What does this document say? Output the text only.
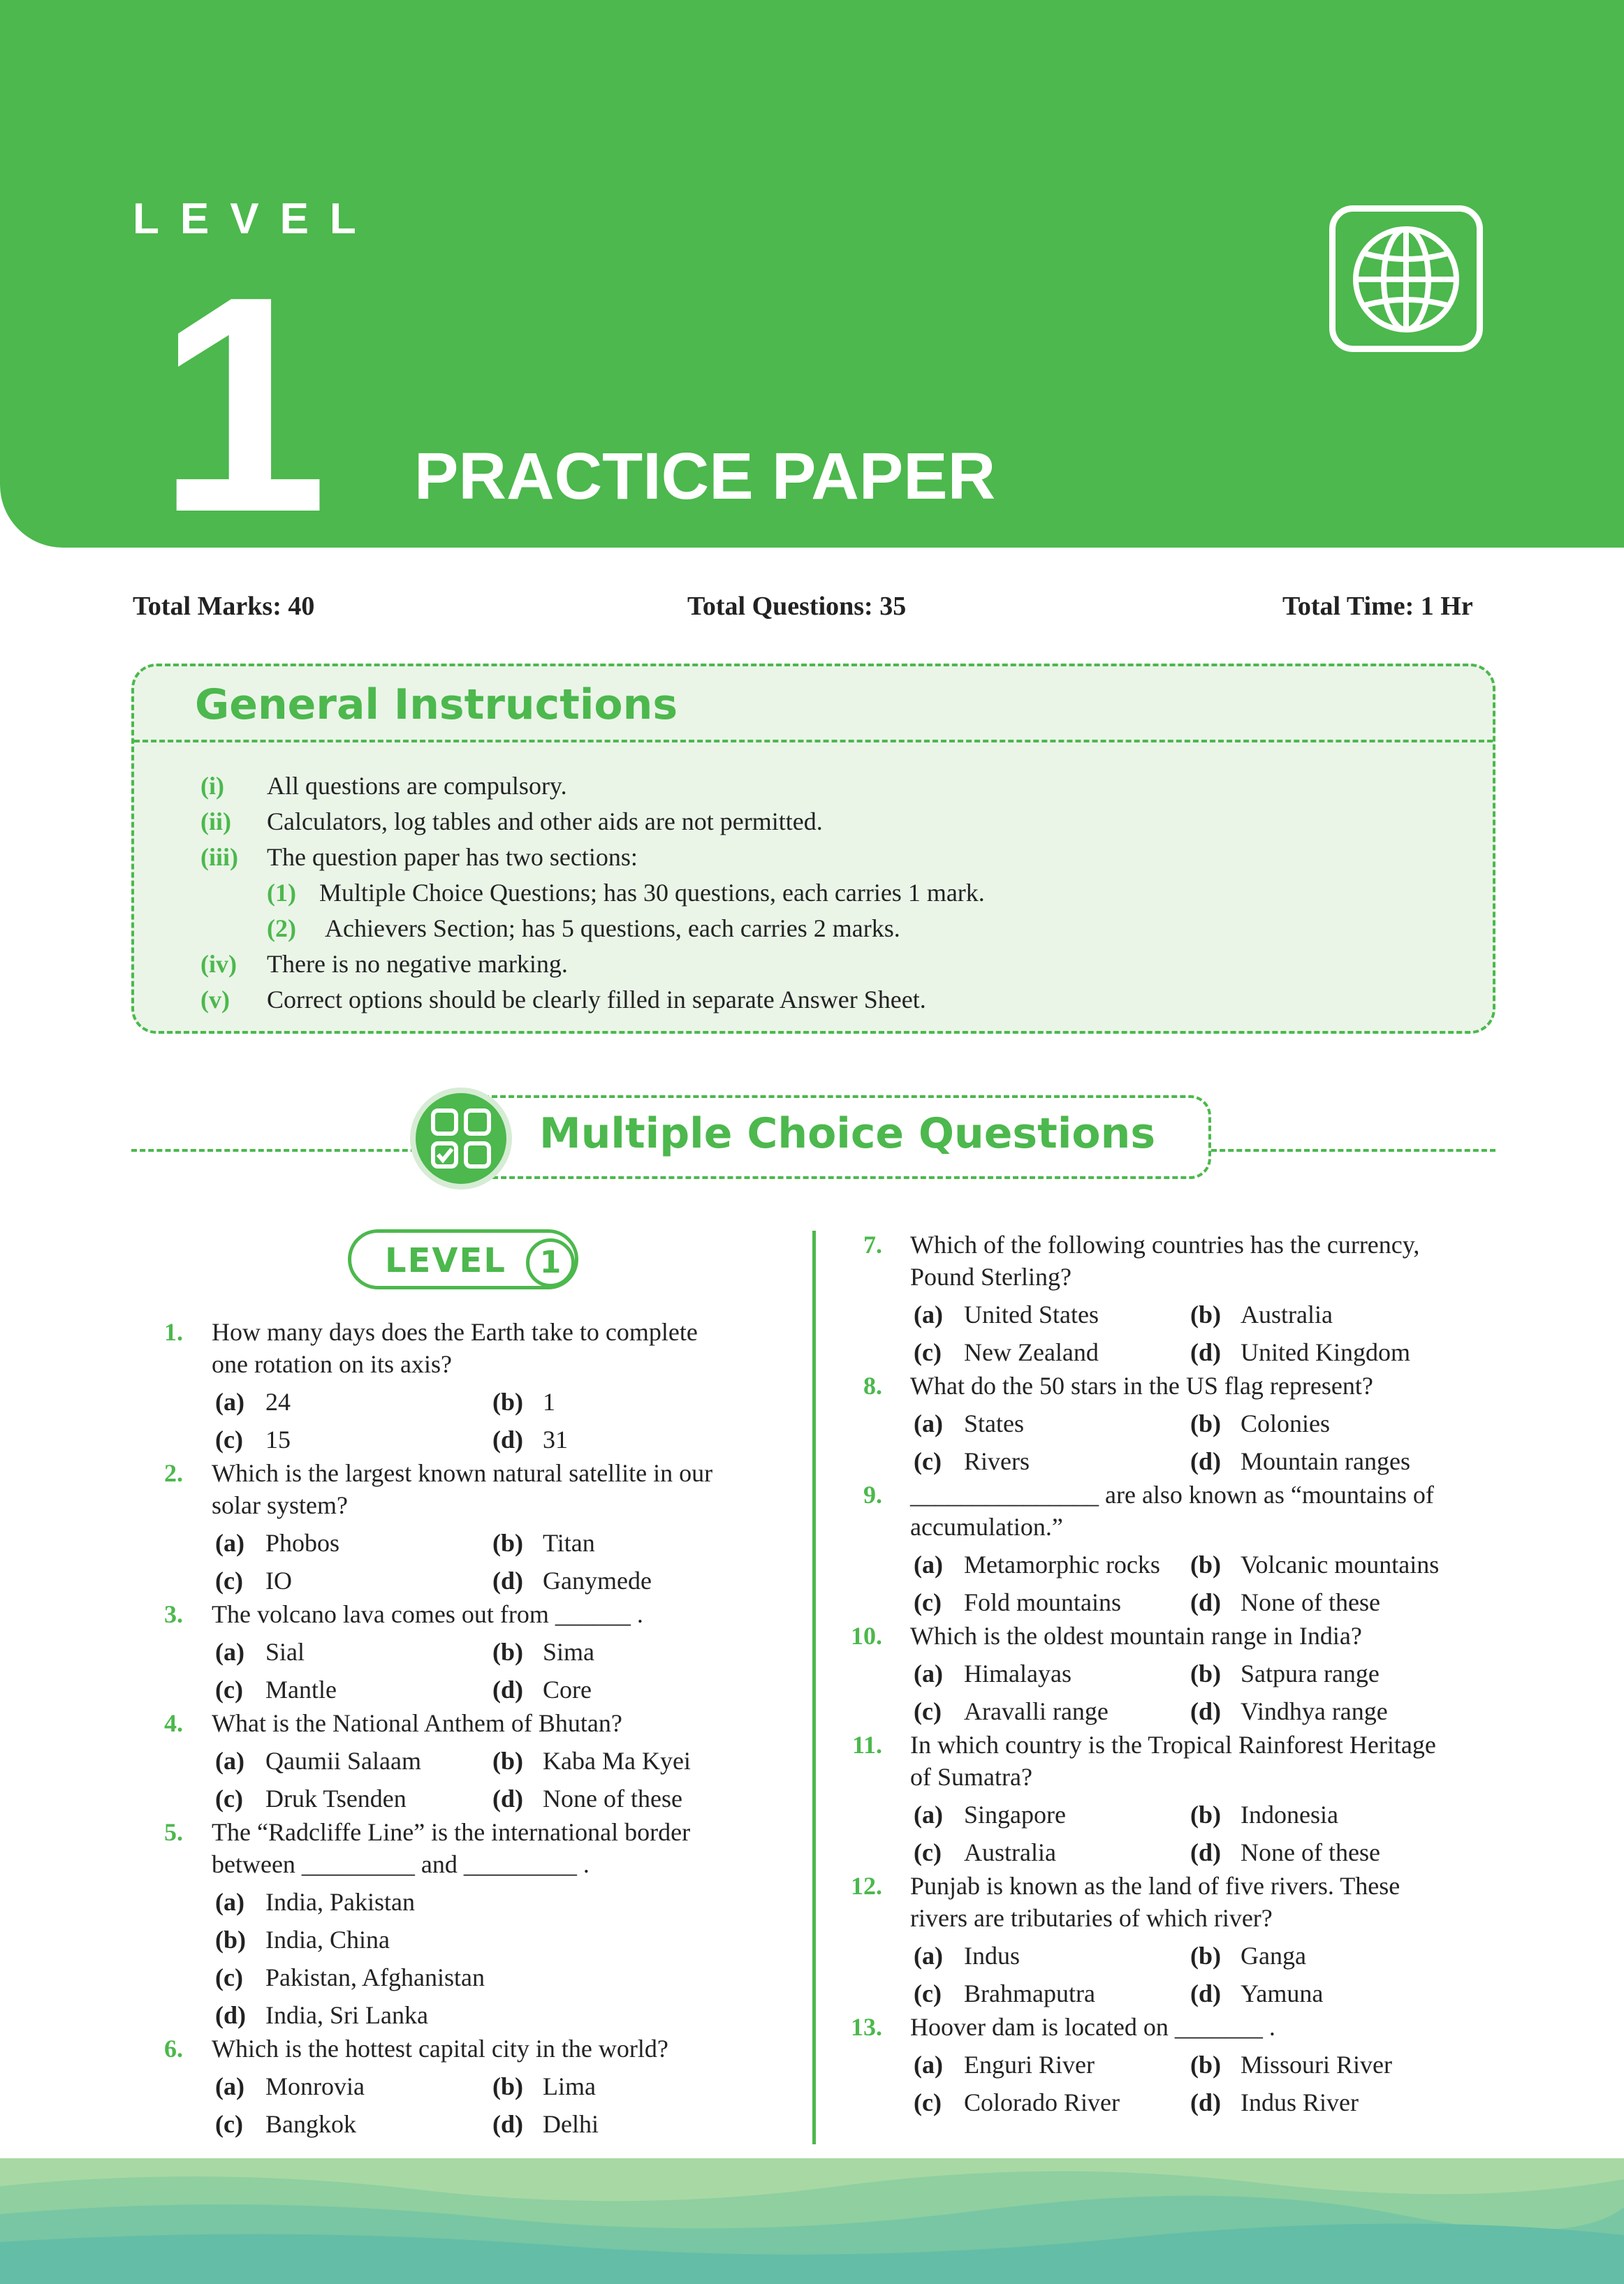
LEVEL
1 PRACTICE PAPER
Total Marks: 40	Total Questions: 35	Total Time: 1 Hr
General Instructions
(i) All questions are compulsory.
(ii) Calculators, log tables and other aids are not permitted.
(iii) The question paper has two sections:
(1) Multiple Choice Questions; has 30 questions, each carries 1 mark.
(2) Achievers Section; has 5 questions, each carries 2 marks.
(iv) There is no negative marking.
(v) Correct options should be clearly filled in separate Answer Sheet.
Multiple Choice Questions
LEVEL	1
1. How many days does the Earth take to complete
one rotation on its axis?
(a) 24	(b) 1
(c) 15	(d) 31
2. Which is the largest known natural satellite in our
solar system?
(a) Phobos	(b) Titan
(c) IO	(d) Ganymede
3. The volcano lava comes out from ______ .
(a) Sial	(b) Sima
(c) Mantle	(d) Core
4. What is the National Anthem of Bhutan?
(a) Qaumii Salaam	(b) Kaba Ma Kyei
(c) Druk Tsenden	(d) None of these
5. The “Radcliffe Line” is the international border
between _________ and _________ .
(a) India, Pakistan
(b) India, China
(c) Pakistan, Afghanistan
(d) India, Sri Lanka
6. Which is the hottest capital city in the world?
(a) Monrovia	(b) Lima
(c) Bangkok	(d) Delhi
7. Which of the following countries has the currency,
Pound Sterling?
(a) United States	(b) Australia
(c) New Zealand	(d) United Kingdom
8. What do the 50 stars in the US flag represent?
(a) States	(b) Colonies
(c) Rivers	(d) Mountain ranges
9. _______________ are also known as “mountains of
accumulation.”
(a) Metamorphic rocks (b) Volcanic mountains
(c) Fold mountains	(d) None of these
10. Which is the oldest mountain range in India?
(a) Himalayas	(b) Satpura range
(c) Aravalli range	(d) Vindhya range
11. In which country is the Tropical Rainforest Heritage
of Sumatra?
(a) Singapore	(b) Indonesia
(c) Australia	(d) None of these
12. Punjab is known as the land of five rivers. These
rivers are tributaries of which river?
(a) Indus	(b) Ganga
(c) Brahmaputra	(d) Yamuna
13. Hoover dam is located on _______ .
(a) Enguri River	(b) Missouri River
(c) Colorado River	(d) Indus River
